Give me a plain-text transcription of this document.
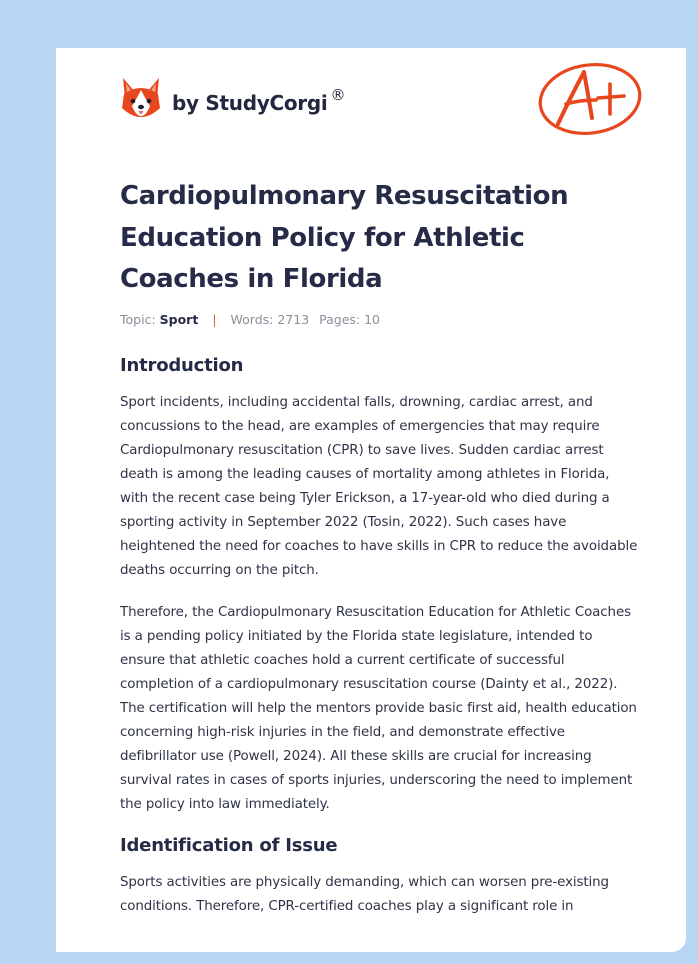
by StudyCorgi ®
Cardiopulmonary Resuscitation Education Policy for Athletic Coaches in Florida
Topic: Sport | Words: 2713 Pages: 10
Introduction

Sport incidents, including accidental falls, drowning, cardiac arrest, and concussions to the head, are examples of emergencies that may require Cardiopulmonary resuscitation (CPR) to save lives. Sudden cardiac arrest death is among the leading causes of mortality among athletes in Florida, with the recent case being Tyler Erickson, a 17-year-old who died during a sporting activity in September 2022 (Tosin, 2022). Such cases have heightened the need for coaches to have skills in CPR to reduce the avoidable deaths occurring on the pitch.

Therefore, the Cardiopulmonary Resuscitation Education for Athletic Coaches is a pending policy initiated by the Florida state legislature, intended to ensure that athletic coaches hold a current certificate of successful completion of a cardiopulmonary resuscitation course (Dainty et al., 2022). The certification will help the mentors provide basic first aid, health education concerning high-risk injuries in the field, and demonstrate effective defibrillator use (Powell, 2024). All these skills are crucial for increasing survival rates in cases of sports injuries, underscoring the need to implement the policy into law immediately.

Identification of Issue

Sports activities are physically demanding, which can worsen pre-existing conditions. Therefore, CPR-certified coaches play a significant role in
